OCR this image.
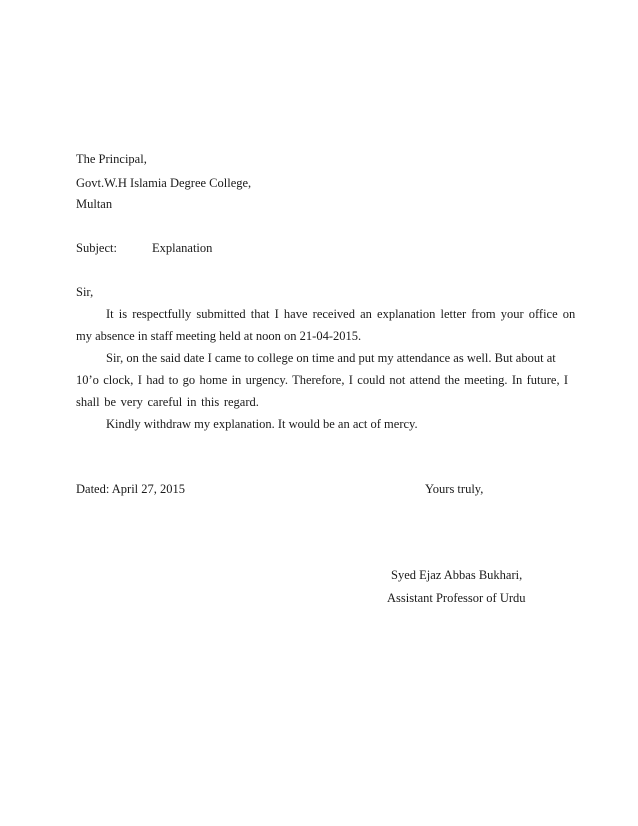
The Principal,
Govt.W.H Islamia Degree College,
Multan
Subject:	Explanation
Sir,
It is respectfully submitted that I have received an explanation letter from your office on
my absence in staff meeting held at noon on 21-04-2015.
Sir, on the said date I came to college on time and put my attendance as well. But about at
10’o clock, I had to go home in urgency. Therefore, I could not attend the meeting. In future, I
shall be very careful in this regard.
Kindly withdraw my explanation. It would be an act of mercy.
Dated: April 27, 2015	Yours truly,
Syed Ejaz Abbas Bukhari,
Assistant Professor of Urdu
